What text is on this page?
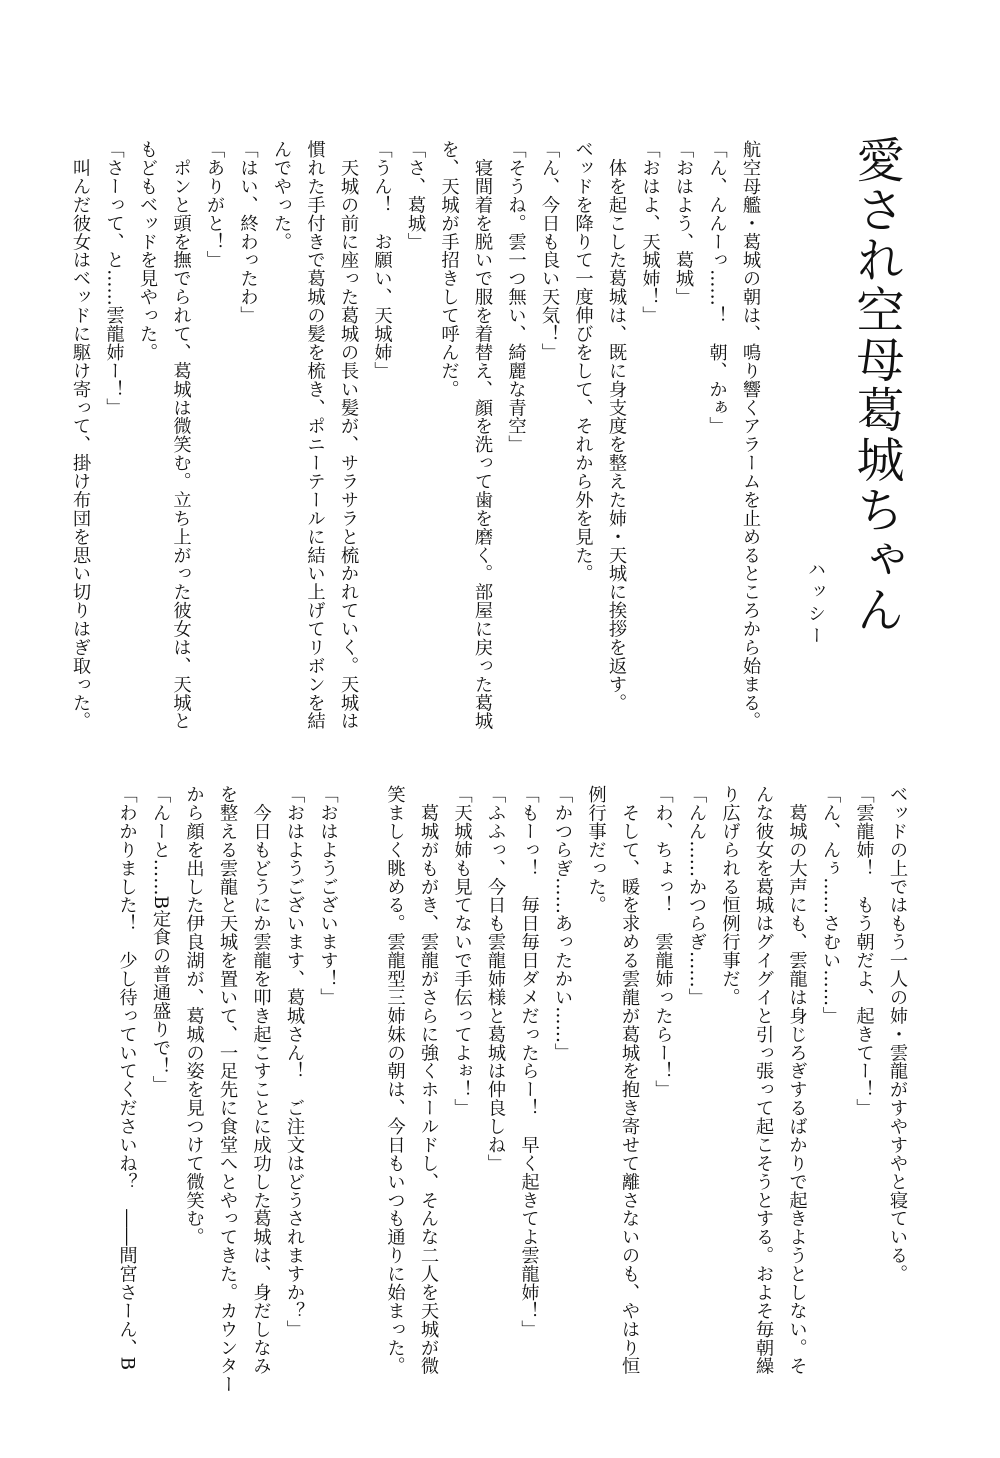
愛され空母葛城ちゃん
ハッシー

航空母艦・葛城の朝は、鳴り響くアラームを止めるところから始まる。

「ん、んんーっ……！　朝、かぁ」

「おはよう、葛城」

「おはよ、天城姉！」

　体を起こした葛城は、既に身支度を整えた姉・天城に挨拶を返す。

ベッドを降りて一度伸びをして、それから外を見た。

「ん、今日も良い天気！」

「そうね。雲一つ無い、綺麗な青空」

　寝間着を脱いで服を着替え、顔を洗って歯を磨く。部屋に戻った葛城

を、天城が手招きして呼んだ。

「さ、葛城」

「うん！　お願い、天城姉」

　天城の前に座った葛城の長い髪が、サラサラと梳かれていく。天城は

慣れた手付きで葛城の髪を梳き、ポニーテールに結い上げてリボンを結

んでやった。

「はい、終わったわ」

「ありがと！」

　ポンと頭を撫でられて、葛城は微笑む。立ち上がった彼女は、天城と

もどもベッドを見やった。

「さーって、と……雲龍姉ー！」

　叫んだ彼女はベッドに駆け寄って、掛け布団を思い切りはぎ取った。

ベッドの上ではもう一人の姉・雲龍がすやすやと寝ている。

「雲龍姉！　もう朝だよ、起きてー！」

「ん、んぅ……さむい……」

　葛城の大声にも、雲龍は身じろぎするばかりで起きようとしない。そ

んな彼女を葛城はグイグイと引っ張って起こそうとする。およそ毎朝繰

り広げられる恒例行事だ。

「んん……かつらぎ……」

「わ、ちょっ！　雲龍姉ったらー！」

　そして、暖を求める雲龍が葛城を抱き寄せて離さないのも、やはり恒

例行事だった。

「かつらぎ……あったかい……」

「もーっ！　毎日毎日ダメだったらー！　早く起きてよ雲龍姉！」

「ふふっ、今日も雲龍姉様と葛城は仲良しね」

「天城姉も見てないで手伝ってよぉ！」

　葛城がもがき、雲龍がさらに強くホールドし、そんな二人を天城が微

笑ましく眺める。雲龍型三姉妹の朝は、今日もいつも通りに始まった。

「おはようございます！」

「おはようございます、葛城さん！　ご注文はどうされますか？」

　今日もどうにか雲龍を叩き起こすことに成功した葛城は、身だしなみ

を整える雲龍と天城を置いて、一足先に食堂へとやってきた。カウンター

から顔を出した伊良湖が、葛城の姿を見つけて微笑む。

「んーと……B定食の普通盛りで！」

「わかりました！　少し待っていてくださいね？　――間宮さーん、B
